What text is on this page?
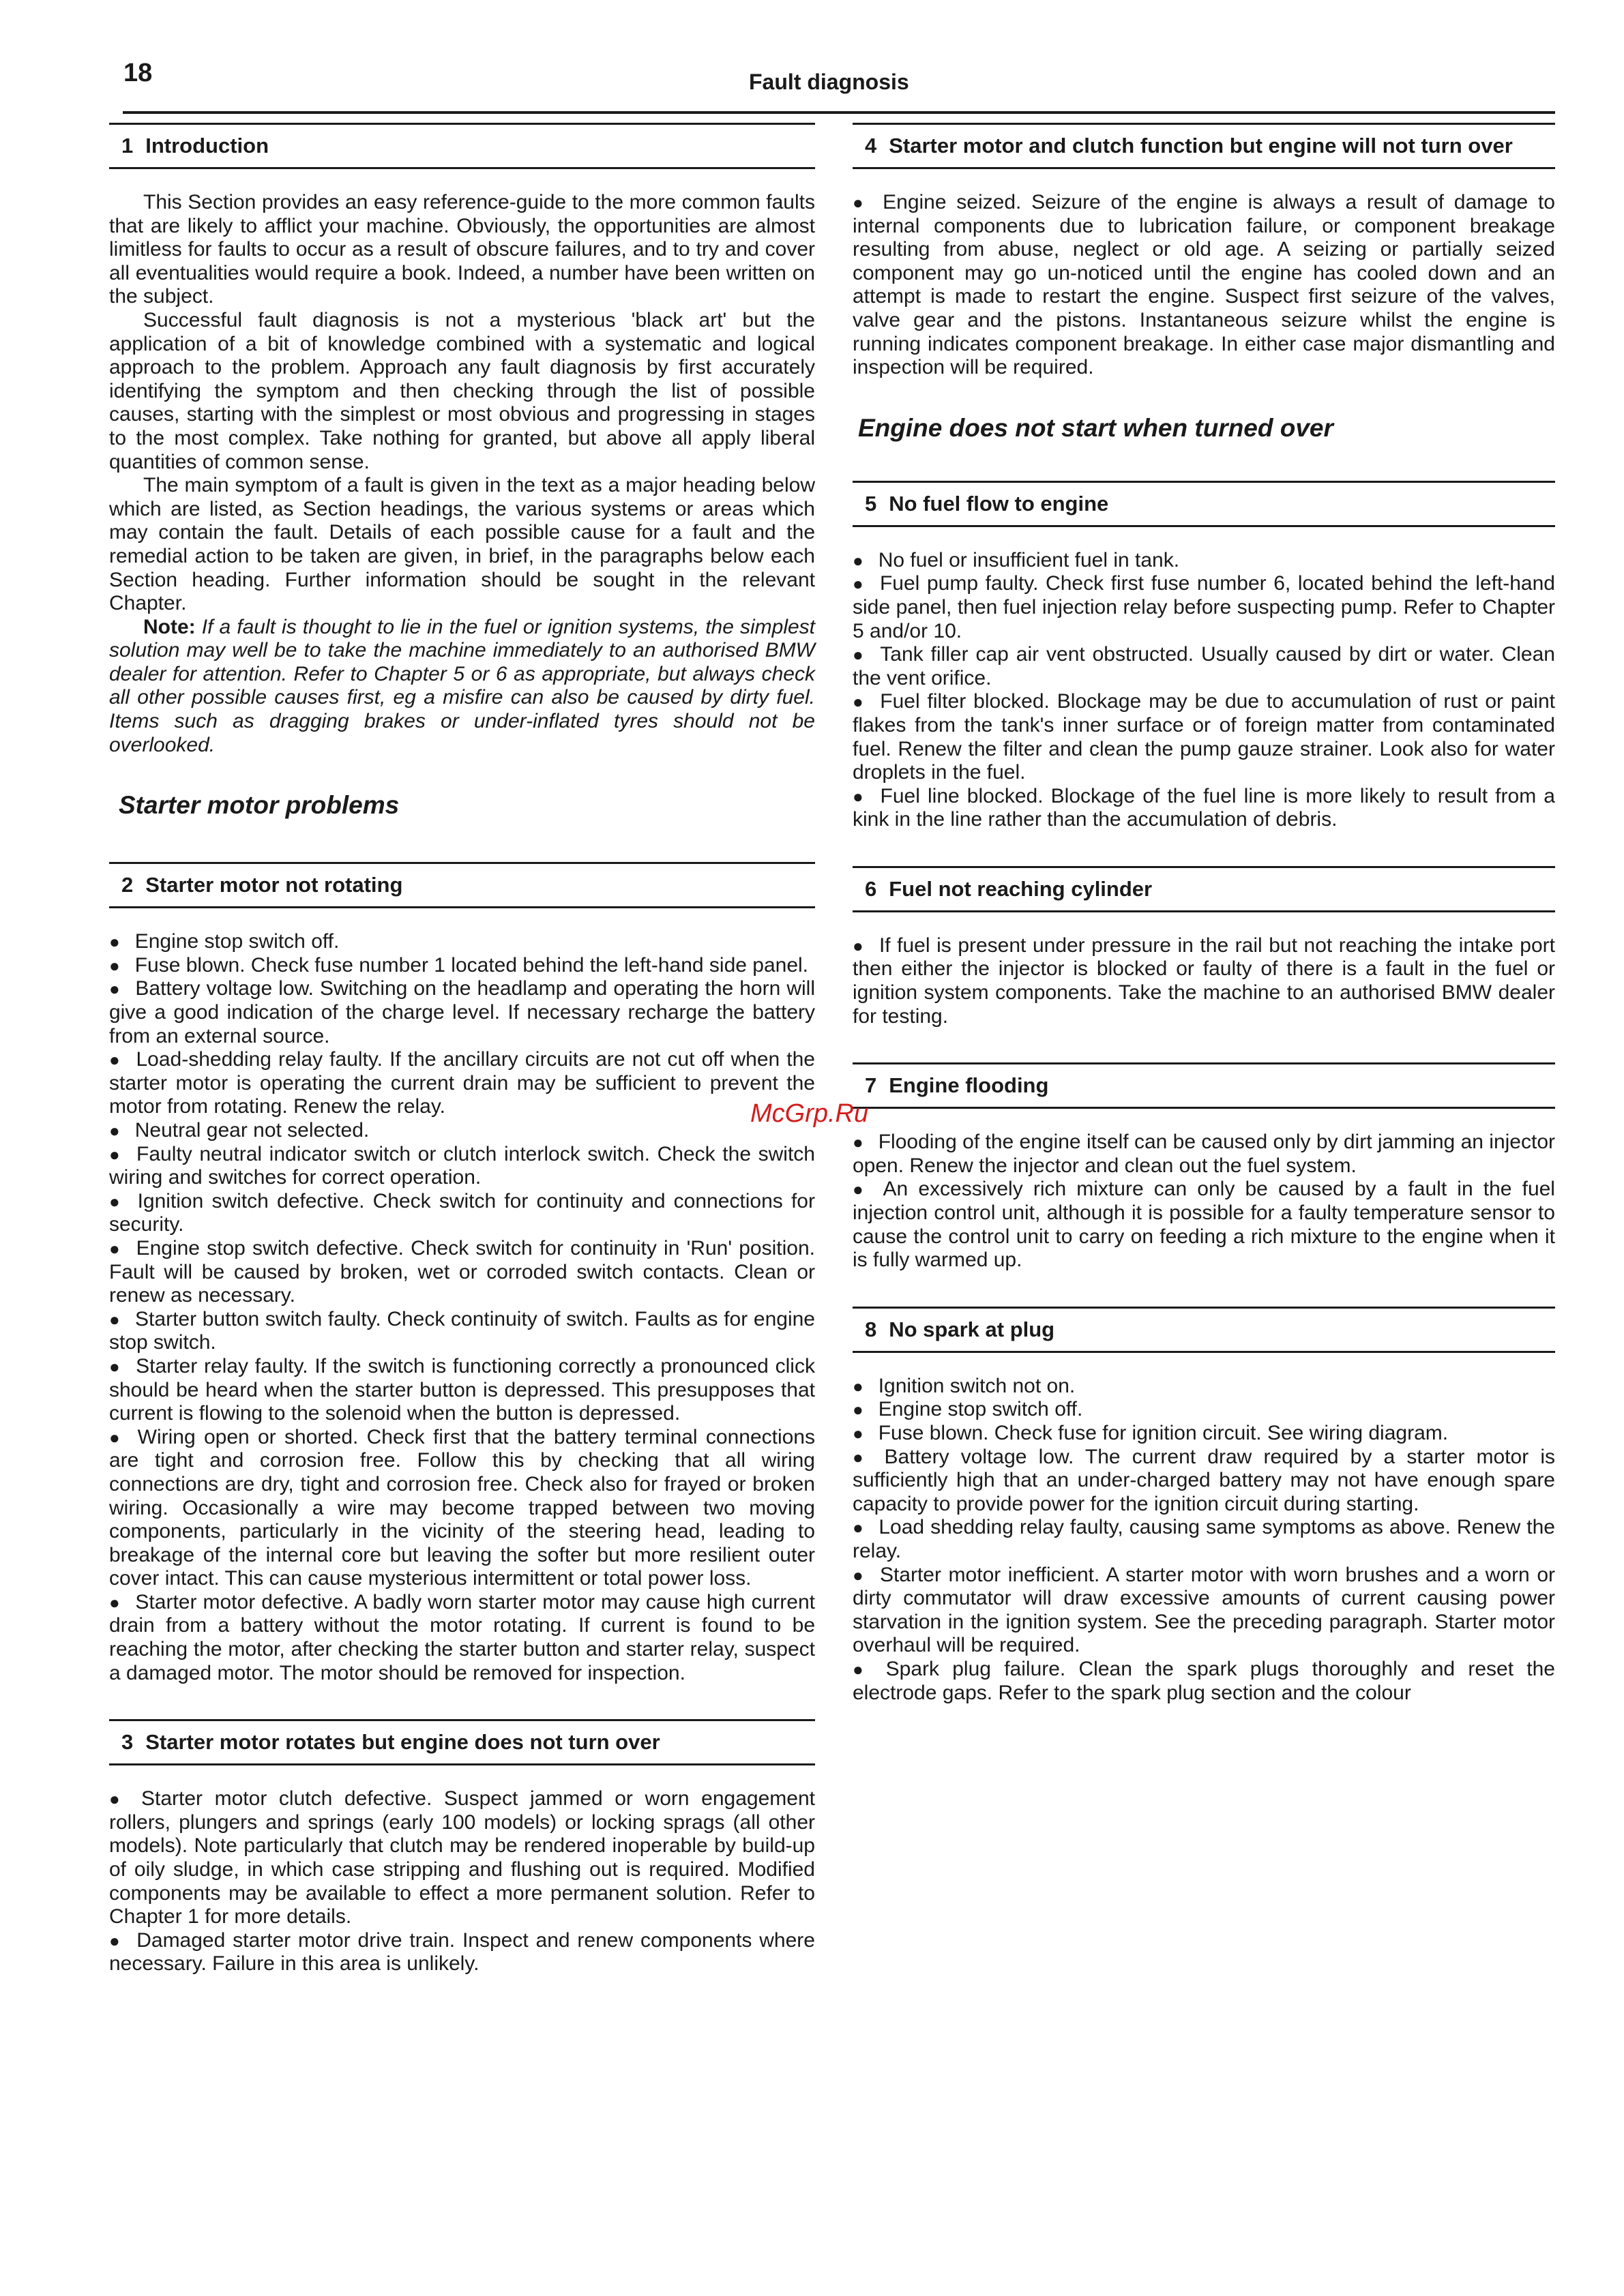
18	Fault diagnosis
1 Introduction

This Section provides an easy reference-guide to the more common faults that are likely to afflict your machine. Obviously, the opportunities are almost limitless for faults to occur as a result of obscure failures, and to try and cover all eventualities would require a book. Indeed, a number have been written on the subject.

Successful fault diagnosis is not a mysterious 'black art' but the application of a bit of knowledge combined with a systematic and logical approach to the problem. Approach any fault diagnosis by first accurately identifying the symptom and then checking through the list of possible causes, starting with the simplest or most obvious and progressing in stages to the most complex. Take nothing for granted, but above all apply liberal quantities of common sense.

The main symptom of a fault is given in the text as a major heading below which are listed, as Section headings, the various systems or areas which may contain the fault. Details of each possible cause for a fault and the remedial action to be taken are given, in brief, in the paragraphs below each Section heading. Further information should be sought in the relevant Chapter.

Note: If a fault is thought to lie in the fuel or ignition systems, the simplest solution may well be to take the machine immediately to an authorised BMW dealer for attention. Refer to Chapter 5 or 6 as appropriate, but always check all other possible causes first, eg a misfire can also be caused by dirty fuel. Items such as dragging brakes or under-inflated tyres should not be overlooked.

Starter motor problems
2 Starter motor not rotating

● Engine stop switch off.

● Fuse blown. Check fuse number 1 located behind the left-hand side panel.

● Battery voltage low. Switching on the headlamp and operating the horn will give a good indication of the charge level. If necessary recharge the battery from an external source.

● Load-shedding relay faulty. If the ancillary circuits are not cut off when the starter motor is operating the current drain may be sufficient to prevent the motor from rotating. Renew the relay.

● Neutral gear not selected.

● Faulty neutral indicator switch or clutch interlock switch. Check the switch wiring and switches for correct operation.

● Ignition switch defective. Check switch for continuity and connections for security.

● Engine stop switch defective. Check switch for continuity in 'Run' position. Fault will be caused by broken, wet or corroded switch contacts. Clean or renew as necessary.

● Starter button switch faulty. Check continuity of switch. Faults as for engine stop switch.

● Starter relay faulty. If the switch is functioning correctly a pronounced click should be heard when the starter button is depressed. This presupposes that current is flowing to the solenoid when the button is depressed.

● Wiring open or shorted. Check first that the battery terminal connections are tight and corrosion free. Follow this by checking that all wiring connections are dry, tight and corrosion free. Check also for frayed or broken wiring. Occasionally a wire may become trapped between two moving components, particularly in the vicinity of the steering head, leading to breakage of the internal core but leaving the softer but more resilient outer cover intact. This can cause mysterious intermittent or total power loss.

● Starter motor defective. A badly worn starter motor may cause high current drain from a battery without the motor rotating. If current is found to be reaching the motor, after checking the starter button and starter relay, suspect a damaged motor. The motor should be removed for inspection.

3 Starter motor rotates but engine does not turn over

● Starter motor clutch defective. Suspect jammed or worn engagement rollers, plungers and springs (early 100 models) or locking sprags (all other models). Note particularly that clutch may be rendered inoperable by build-up of oily sludge, in which case stripping and flushing out is required. Modified components may be available to effect a more permanent solution. Refer to Chapter 1 for more details.

● Damaged starter motor drive train. Inspect and renew components where necessary. Failure in this area is unlikely.

4 Starter motor and clutch function but engine will not turn over

● Engine seized. Seizure of the engine is always a result of damage to internal components due to lubrication failure, or component breakage resulting from abuse, neglect or old age. A seizing or partially seized component may go un-noticed until the engine has cooled down and an attempt is made to restart the engine. Suspect first seizure of the valves, valve gear and the pistons. Instantaneous seizure whilst the engine is running indicates component breakage. In either case major dismantling and inspection will be required.

Engine does not start when turned over
5 No fuel flow to engine

● No fuel or insufficient fuel in tank.

● Fuel pump faulty. Check first fuse number 6, located behind the left-hand side panel, then fuel injection relay before suspecting pump. Refer to Chapter 5 and/or 10.

● Tank filler cap air vent obstructed. Usually caused by dirt or water. Clean the vent orifice.

● Fuel filter blocked. Blockage may be due to accumulation of rust or paint flakes from the tank's inner surface or of foreign matter from contaminated fuel. Renew the filter and clean the pump gauze strainer. Look also for water droplets in the fuel.

● Fuel line blocked. Blockage of the fuel line is more likely to result from a kink in the line rather than the accumulation of debris.

6 Fuel not reaching cylinder

● If fuel is present under pressure in the rail but not reaching the intake port then either the injector is blocked or faulty of there is a fault in the fuel or ignition system components. Take the machine to an authorised BMW dealer for testing.

7 Engine flooding

● Flooding of the engine itself can be caused only by dirt jamming an injector open. Renew the injector and clean out the fuel system.

● An excessively rich mixture can only be caused by a fault in the fuel injection control unit, although it is possible for a faulty temperature sensor to cause the control unit to carry on feeding a rich mixture to the engine when it is fully warmed up.

8 No spark at plug

● Ignition switch not on.

● Engine stop switch off.

● Fuse blown. Check fuse for ignition circuit. See wiring diagram.

● Battery voltage low. The current draw required by a starter motor is sufficiently high that an under-charged battery may not have enough spare capacity to provide power for the ignition circuit during starting.

● Load shedding relay faulty, causing same symptoms as above. Renew the relay.

● Starter motor inefficient. A starter motor with worn brushes and a worn or dirty commutator will draw excessive amounts of current causing power starvation in the ignition system. See the preceding paragraph. Starter motor overhaul will be required.

● Spark plug failure. Clean the spark plugs thoroughly and reset the electrode gaps. Refer to the spark plug section and the colour

McGrp.Ru
